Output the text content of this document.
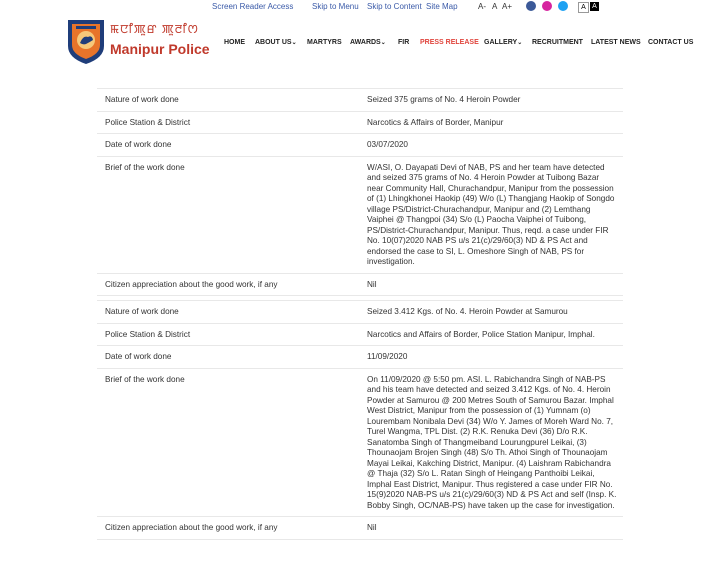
Screen Reader Access Skip to Menu Skip to Content Site Map	A- A A+	A A
ꯃꯅꯤꯄꯨꯔ ꯄꯨꯂꯤꯁ
Manipur Police HOME ABOUT US⌄ MARTYRS AWARDS⌄ FIR PRESS RELEASE GALLERY⌄ RECRUITMENT LATEST NEWS CONTACT US
Nature of work done	Seized 375 grams of No. 4 Heroin Powder
Police Station & District	Narcotics & Affairs of Border, Manipur
Date of work done	03/07/2020
Brief of the work done	W/ASI, O. Dayapati Devi of NAB, PS and her team have detected and seized 375 grams of No. 4 Heroin Powder at Tuibong Bazar near Community Hall, Churachandpur, Manipur from the possession of (1) Lhingkhonei Haokip (49) W/o (L) Thangjang Haokip of Songdo village PS/District-Churachandpur, Manipur and (2) Lemthang Vaiphei @ Thangpoi (34) S/o (L) Paocha Vaiphei of Tuibong, PS/District-Churachandpur, Manipur. Thus, reqd. a case under FIR No. 10(07)2020 NAB PS u/s 21(c)/29/60(3) ND & PS Act and endorsed the case to SI, L. Omeshore Singh of NAB, PS for investigation.
Citizen appreciation about the good work, if any	Nil
Nature of work done	Seized 3.412 Kgs. of No. 4. Heroin Powder at Samurou
Police Station & District	Narcotics and Affairs of Border, Police Station Manipur, Imphal.
Date of work done	11/09/2020
Brief of the work done	On 11/09/2020 @ 5:50 pm. ASI. L. Rabichandra Singh of NAB-PS and his team have detected and seized 3.412 Kgs. of No. 4. Heroin Powder at Samurou @ 200 Metres South of Samurou Bazar. Imphal West District, Manipur from the possession of (1) Yumnam (o) Lourembam Nonibala Devi (34) W/o Y. James of Moreh Ward No. 7, Turel Wangma, TPL Dist. (2) R.K. Renuka Devi (36) D/o R.K. Sanatomba Singh of Thangmeiband Lourungpurel Leikai, (3) Thounaojam Brojen Singh (48) S/o Th. Athoi Singh of Thounaojam Mayai Leikai, Kakching District, Manipur. (4) Laishram Rabichandra @ Thaja (32) S/o L. Ratan Singh of Heingang Panthoibi Leikai, Imphal East District, Manipur. Thus registered a case under FIR No. 15(9)2020 NAB-PS u/s 21(c)/29/60(3) ND & PS Act and self (Insp. K. Bobby Singh, OC/NAB-PS) have taken up the case for investigation.
Citizen appreciation about the good work, if any	Nil
